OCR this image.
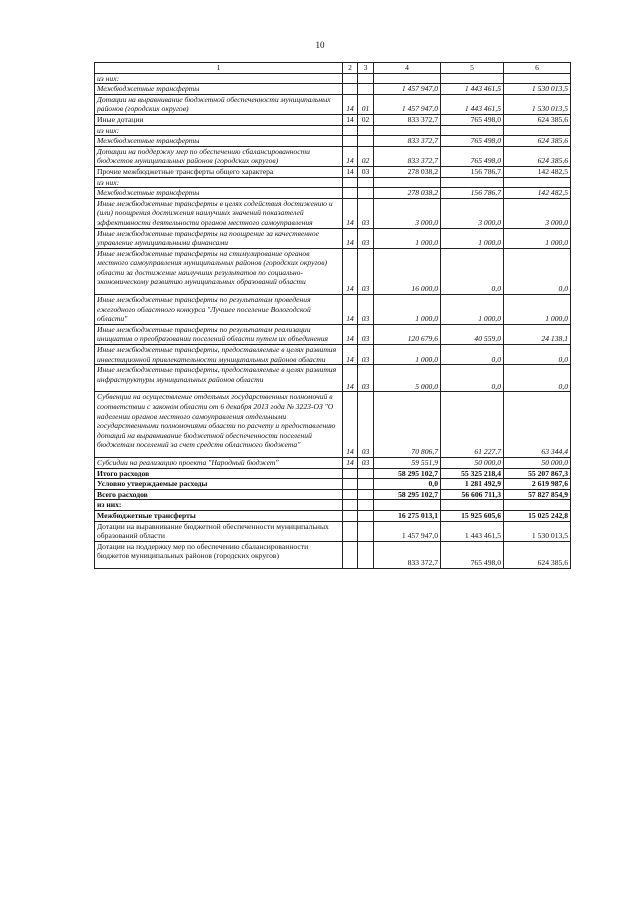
10
1	2	3	4	5	6
из них:					
Межбюджетные трансферты			1 457 947,0	1 443 461,5	1 530 013,5
Дотации на выравнивание бюджетной обеспеченности муниципальных районов (городских округов)	14	01	1 457 947,0	1 443 461,5	1 530 013,5
Иные дотации	14	02	833 372,7	765 498,0	624 385,6
из них:					
Межбюджетные трансферты			833 372,7	765 498,0	624 385,6
Дотации на поддержку мер по обеспечению сбалансированности бюджетов муниципальных районов (городских округов)	14	02	833 372,7	765 498,0	624 385,6
Прочие межбюджетные трансферты общего характера	14	03	278 038,2	156 786,7	142 482,5
из них:					
Межбюджетные трансферты			278 038,2	156 786,7	142 482,5
Иные межбюджетные трансферты в целях содействия достижению и (или) поощрения достижения наилучших значений показателей эффективности деятельности органов местного самоуправления	14	03	3 000,0	3 000,0	3 000,0
Иные межбюджетные трансферты на поощрение за качественное управление муниципальными финансами	14	03	1 000,0	1 000,0	1 000,0
Иные межбюджетные трансферты на стимулирование органов местного самоуправления муниципальных районов (городских округов) области за достижение наилучших результатов по социально-экономическому развитию муниципальных образований области	14	03	16 000,0	0,0	0,0
Иные межбюджетные трансферты по результатам проведения ежегодного областного конкурса "Лучшее поселение Вологодской области"	14	03	1 000,0	1 000,0	1 000,0
Иные межбюджетные трансферты по результатам реализации инициатив о преобразовании поселений области путем их объединения	14	03	120 679,6	40 559,0	24 138,1
Иные межбюджетные трансферты, предоставляемые в целях развития инвестиционной привлекательности муниципальных районов области	14	03	1 000,0	0,0	0,0
Иные межбюджетные трансферты, предоставляемые в целях развития инфраструктуры муниципальных районов области	14	03	5 000,0	0,0	0,0
Субвенции на осуществление отдельных государственных полномочий в соответствии с законом области от 6 декабря 2013 года № 3223-ОЗ "О наделении органов местного самоуправления отдельными государственными полномочиями области по расчету и предоставлению дотаций на выравнивание бюджетной обеспеченности поселений бюджетам поселений за счет средств областного бюджета"	14	03	70 806,7	61 227,7	63 344,4
Субсидии на реализацию проекта "Народный бюджет"	14	03	59 551,9	50 000,0	50 000,0
Итого расходов			58 295 102,7	55 325 218,4	55 207 867,3
Условно утверждаемые расходы			0,0	1 281 492,9	2 619 987,6
Всего расходов			58 295 102,7	56 606 711,3	57 827 854,9
из них:					
Межбюджетные трансферты			16 275 013,1	15 925 605,6	15 025 242,8
Дотации на выравнивание бюджетной обеспеченности муниципальных образований области			1 457 947,0	1 443 461,5	1 530 013,5
Дотации на поддержку мер по обеспечению сбалансированности бюджетов муниципальных районов (городских округов)			833 372,7	765 498,0	624 385,6
